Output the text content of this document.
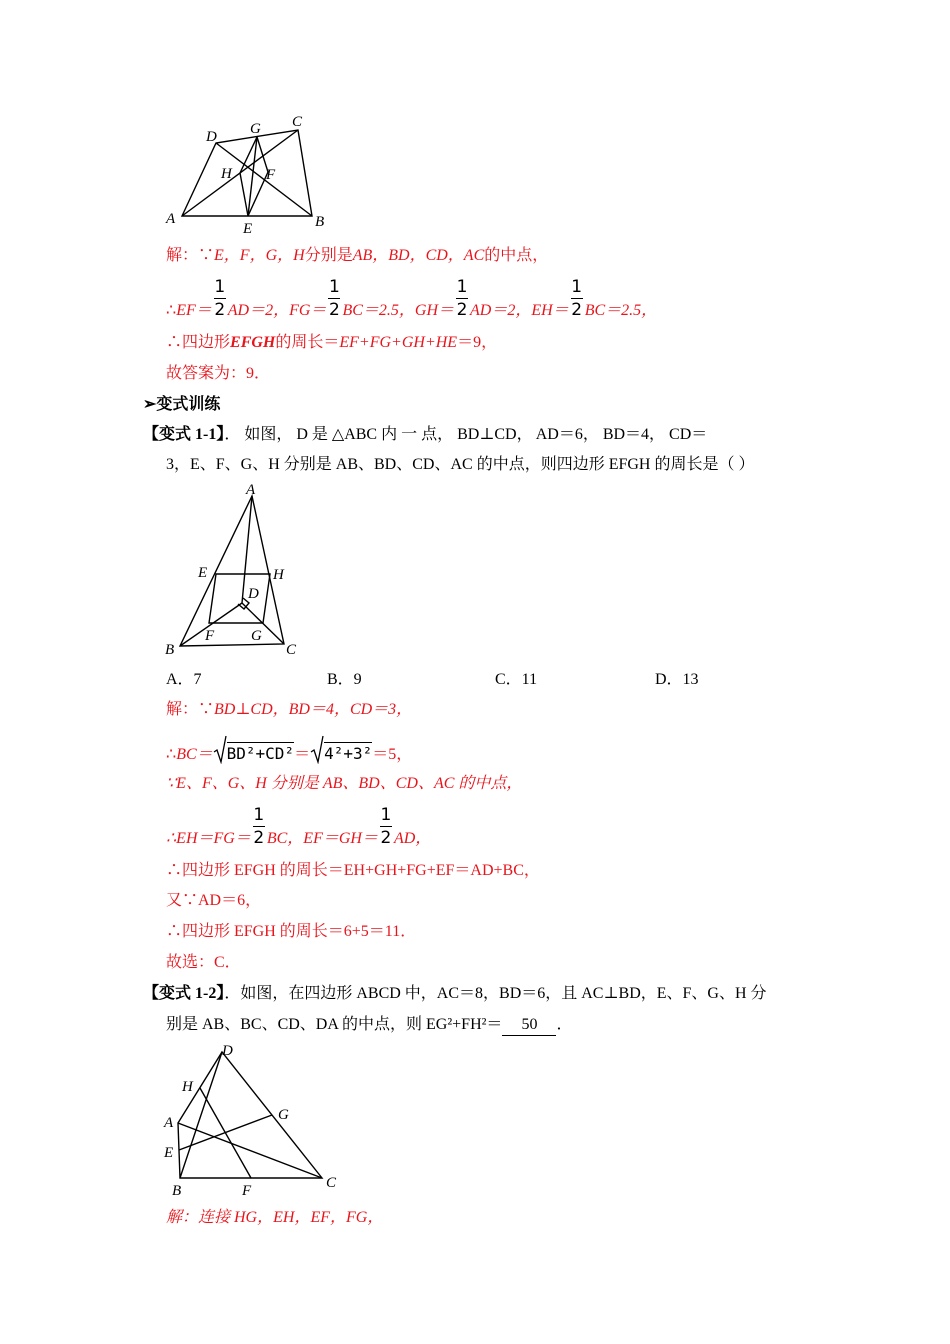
A	B
C
D
E
F
G
H
解：∵E，F，G，H分别是AB，BD，CD，AC的中点，
∴EF＝ $\frac{1}{2} AD=2$，$FG= \frac{1}{2} BC=2.5$，$GH= \frac{1}{2} AD=2$，$EH= \frac{1}{2} BC=2.5$，
∴四边形EFGH的周长＝EF+FG+GH+HE＝9，
故答案为：9．
➢变式训练
【变式 1-1】． 如图， D 是 △ABC 内 一 点， BD⊥CD， AD＝6， BD＝4， CD＝
3，E、F、G、H 分别是 AB、BD、CD、AC 的中点，则四边形 EFGH 的周长是（ ）
B	C
A
E	H
D
F G
A．7	B．9	C．11	D．13
解：∵BD⊥CD，BD＝4，CD＝3，
∴BC＝ BD²+CD²＝ 4²+3²＝5，
∵E、F、G、H 分别是 AB、BD、CD、AC 的中点，
∴EH＝FG＝ $\frac{1}{2}$ BC，$EF=GH= \frac{1}{2}$ AD，
∴四边形 EFGH 的周长＝EH+GH+FG+EF＝AD+BC，
又∵AD＝6，
∴四边形 EFGH 的周长＝6+5＝11．
故选：C．
【变式 1-2】．如图，在四边形 ABCD 中，AC＝8，BD＝6，且 AC⊥BD，E、F、G、H 分
别是 AB、BC、CD、DA 的中点，则 EG²+FH²＝ 50 ．
A
B	C
D
E
F
G
H
解：连接 HG，EH，EF，FG，
